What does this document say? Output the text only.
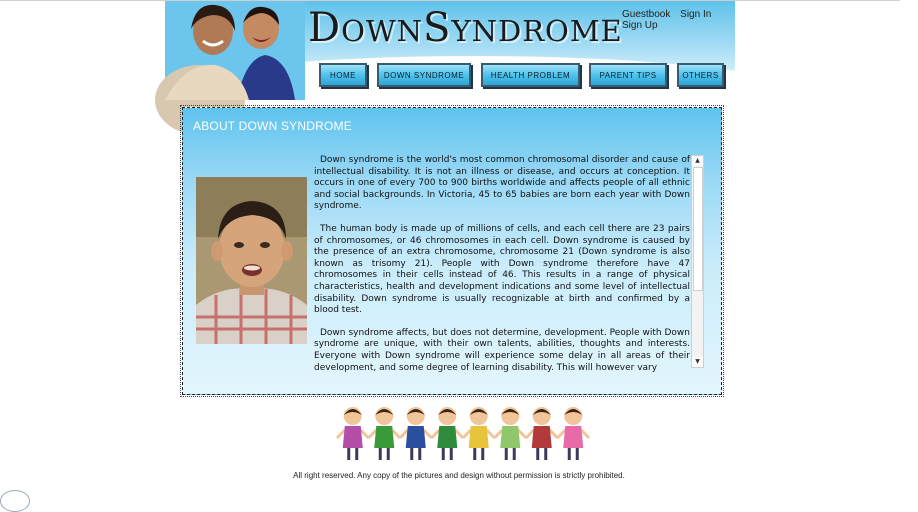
DOWNSYNDROME Guestbook Sign In Sign Up
HOME	DOWN SYNDROME	HEALTH PROBLEM	PARENT TIPS	OTHERS
ABOUT DOWN SYNDROME

Down syndrome is the world's most common chromosomal disorder and cause of intellectual disability. It is not an illness or disease, and occurs at conception. It occurs in one of every 700 to 900 births worldwide and affects people of all ethnic and social backgrounds. In Victoria, 45 to 65 babies are born each year with Down syndrome.

The human body is made up of millions of cells, and each cell there are 23 pairs of chromosomes, or 46 chromosomes in each cell. Down syndrome is caused by the presence of an extra chromosome, chromosome 21 (Down syndrome is also known as trisomy 21). People with Down syndrome therefore have 47 chromosomes in their cells instead of 46. This results in a range of physical characteristics, health and development indications and some level of intellectual disability. Down syndrome is usually recognizable at birth and confirmed by a blood test.

Down syndrome affects, but does not determine, development. People with Down syndrome are unique, with their own talents, abilities, thoughts and interests. Everyone with Down syndrome will experience some delay in all areas of their development, and some degree of learning disability. This will however vary

▲
▼
All right reserved. Any copy of the pictures and design without permission is strictly prohibited.
